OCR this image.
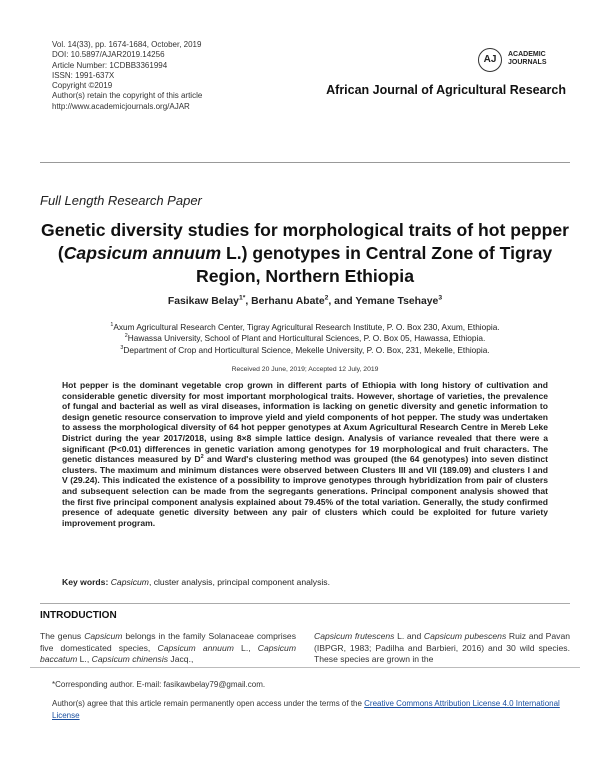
Vol. 14(33), pp. 1674-1684, October, 2019
DOI: 10.5897/AJAR2019.14256
Article Number: 1CDBB3361994
ISSN: 1991-637X
Copyright ©2019
Author(s) retain the copyright of this article
http://www.academicjournals.org/AJAR
AJ	ACADEMIC
JOURNALS
African Journal of Agricultural Research
Full Length Research Paper
Genetic diversity studies for morphological traits of hot pepper (Capsicum annuum L.) genotypes in Central Zone of Tigray Region, Northern Ethiopia
Fasikaw Belay$^{1*}$, Berhanu Abate$^2$, and Yemane Tsehaye$^3$
$^1$Axum Agricultural Research Center, Tigray Agricultural Research Institute, P. O. Box 230, Axum, Ethiopia.
$^2$Hawassa University, School of Plant and Horticultural Sciences, P. O. Box 05, Hawassa, Ethiopia.
$^3$Department of Crop and Horticultural Science, Mekelle University, P. O. Box, 231, Mekelle, Ethiopia.
Received 20 June, 2019; Accepted 12 July, 2019
Hot pepper is the dominant vegetable crop grown in different parts of Ethiopia with long history of cultivation and considerable genetic diversity for most important morphological traits. However, shortage of varieties, the prevalence of fungal and bacterial as well as viral diseases, information is lacking on genetic diversity and genetic information to design genetic resource conservation to improve yield and yield components of hot pepper. The study was undertaken to assess the morphological diversity of 64 hot pepper genotypes at Axum Agricultural Research Centre in Mereb Leke District during the year 2017/2018, using 8×8 simple lattice design. Analysis of variance revealed that there were a significant (P<0.01) differences in genetic variation among genotypes for 19 morphological and fruit characters. The genetic distances measured by $D^2$ and Ward's clustering method was grouped (the 64 genotypes) into seven distinct clusters. The maximum and minimum distances were observed between Clusters III and VII (189.09) and clusters I and V (29.24). This indicated the existence of a possibility to improve genotypes through hybridization from pair of clusters and subsequent selection can be made from the segregants generations. Principal component analysis showed that the first five principal component analysis explained about 79.45% of the total variation. Generally, the study confirmed presence of adequate genetic diversity between any pair of clusters which could be exploited for future variety improvement program.
Key words: Capsicum, cluster analysis, principal component analysis.
INTRODUCTION
The genus Capsicum belongs in the family Solanaceae comprises five domesticated species, Capsicum annuum L., Capsicum baccatum L., Capsicum chinensis Jacq.,
Capsicum frutescens L. and Capsicum pubescens Ruiz and Pavan (IBPGR, 1983; Padilha and Barbieri, 2016) and 30 wild species. These species are grown in the
*Corresponding author. E-mail: fasikawbelay79@gmail.com.
Author(s) agree that this article remain permanently open access under the terms of the Creative Commons Attribution License 4.0 International License
